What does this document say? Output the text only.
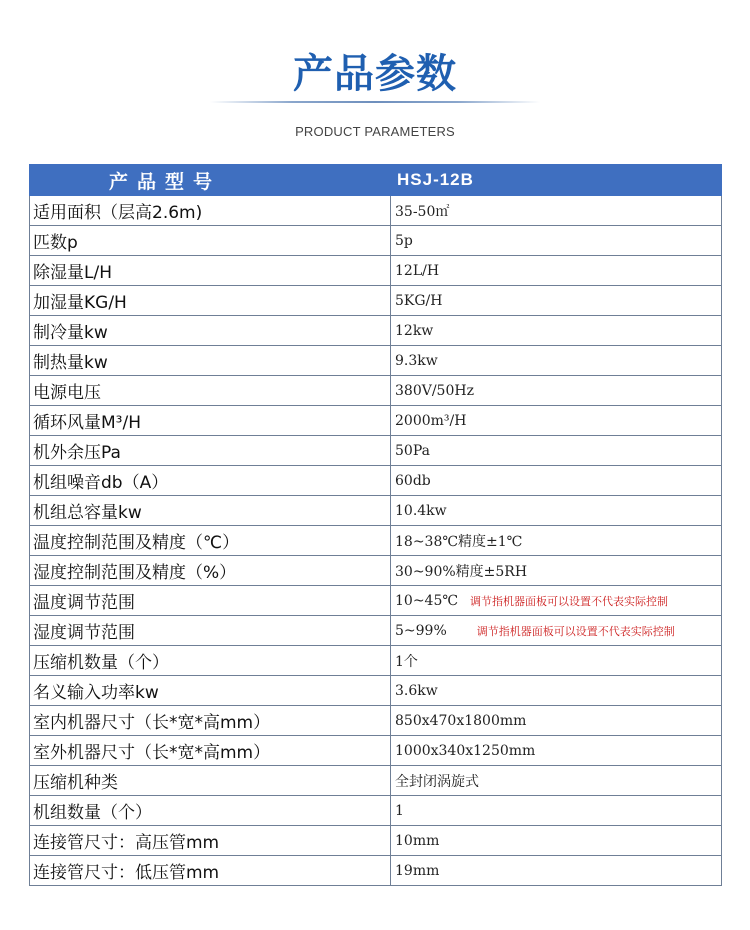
产品参数
PRODUCT PARAMETERS
产品型号	HSJ-12B
适用面积（层高2.6m)	35-50㎡
匹数p	5p
除湿量L/H	12L/H
加湿量KG/H	5KG/H
制冷量kw	12kw
制热量kw	9.3kw
电源电压	380V/50Hz
循环风量M³/H	2000m³/H
机外余压Pa	50Pa
机组噪音db（A）	60db
机组总容量kw	10.4kw
温度控制范围及精度（℃）	18~38℃精度±1℃
湿度控制范围及精度（%）	30~90%精度±5RH
温度调节范围	10~45℃ 调节指机器面板可以设置不代表实际控制
湿度调节范围	5~99% 调节指机器面板可以设置不代表实际控制
压缩机数量（个）	1个
名义输入功率kw	3.6kw
室内机器尺寸（长*宽*高mm）	850x470x1800mm
室外机器尺寸（长*宽*高mm）	1000x340x1250mm
压缩机种类	全封闭涡旋式
机组数量（个）	1
连接管尺寸：高压管mm	10mm
连接管尺寸：低压管mm	19mm
